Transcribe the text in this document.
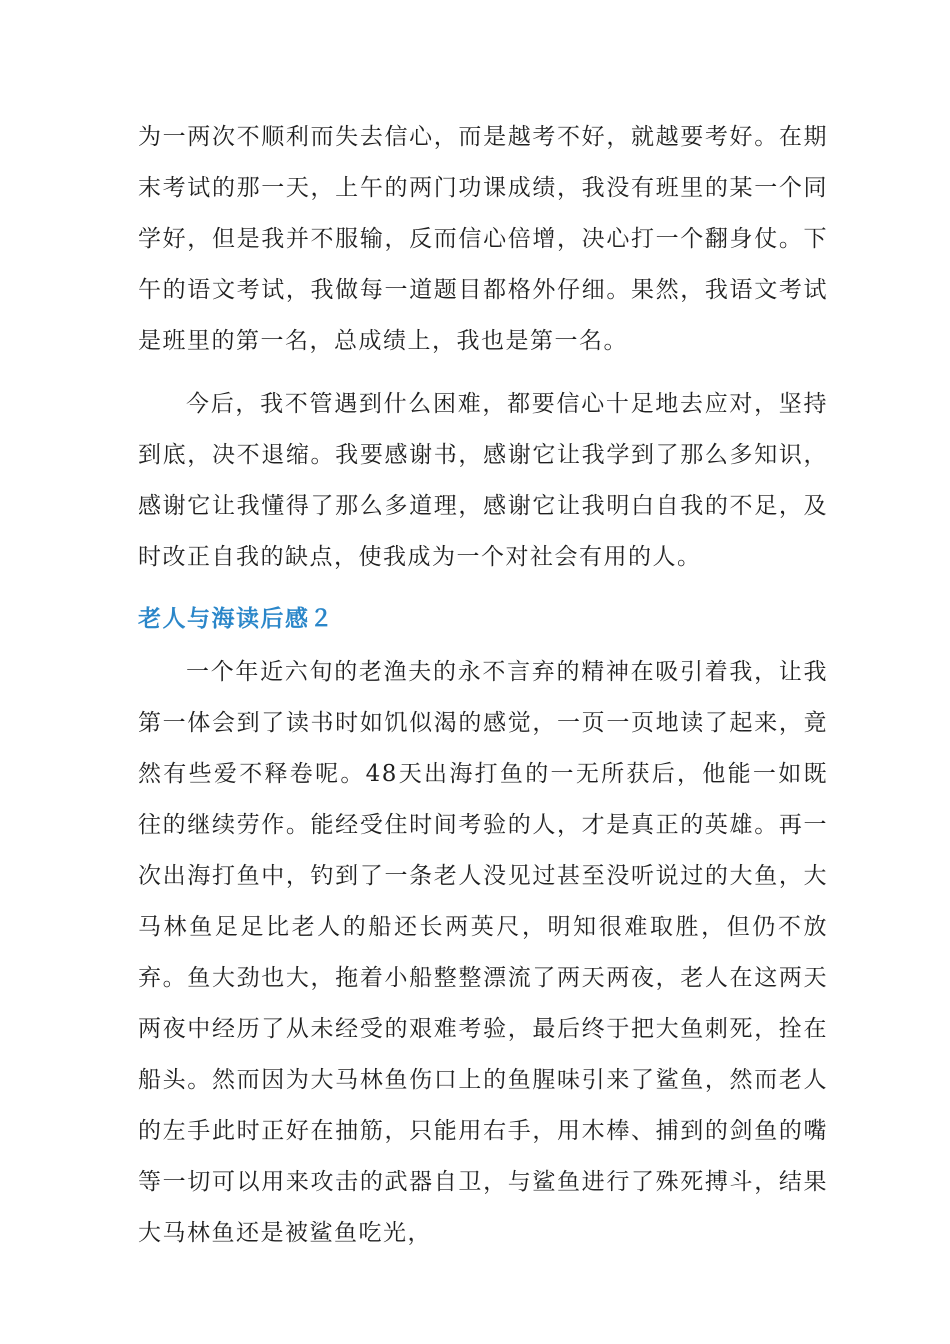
为一两次不顺利而失去信心，而是越考不好，就越要考好。在期末考试的那一天，上午的两门功课成绩，我没有班里的某一个同学好，但是我并不服输，反而信心倍增，决心打一个翻身仗。下午的语文考试，我做每一道题目都格外仔细。果然，我语文考试是班里的第一名，总成绩上，我也是第一名。

今后，我不管遇到什么困难，都要信心十足地去应对，坚持到底，决不退缩。我要感谢书，感谢它让我学到了那么多知识，感谢它让我懂得了那么多道理，感谢它让我明白自我的不足，及时改正自我的缺点，使我成为一个对社会有用的人。

老人与海读后感２

一个年近六旬的老渔夫的永不言弃的精神在吸引着我，让我第一体会到了读书时如饥似渴的感觉，一页一页地读了起来，竟然有些爱不释卷呢。48天出海打鱼的一无所获后，他能一如既往的继续劳作。能经受住时间考验的人，才是真正的英雄。再一次出海打鱼中，钓到了一条老人没见过甚至没听说过的大鱼，大马林鱼足足比老人的船还长两英尺，明知很难取胜，但仍不放弃。鱼大劲也大，拖着小船整整漂流了两天两夜，老人在这两天两夜中经历了从未经受的艰难考验，最后终于把大鱼刺死，拴在船头。然而因为大马林鱼伤口上的鱼腥味引来了鲨鱼，然而老人的左手此时正好在抽筋，只能用右手，用木棒、捕到的剑鱼的嘴等一切可以用来攻击的武器自卫，与鲨鱼进行了殊死搏斗，结果大马林鱼还是被鲨鱼吃光，
